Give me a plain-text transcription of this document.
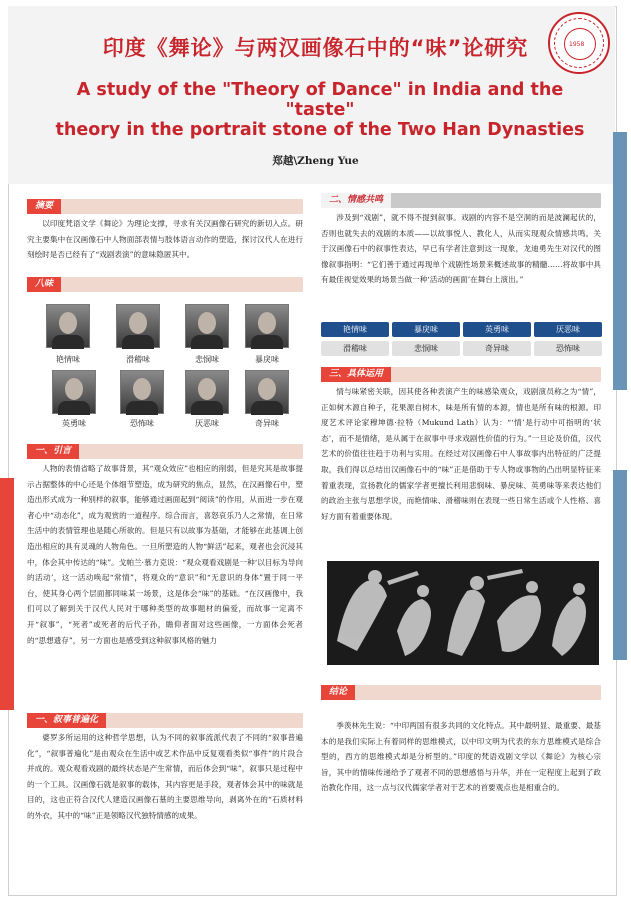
1958
印度《舞论》与两汉画像石中的“味”论研究
A study of the "Theory of Dance" in India and the "taste"
theory in the portrait stone of the Two Han Dynasties
郑越\Zheng Yue
摘要

以印度梵语文学《舞论》为理论支撑，寻求有关汉画像石研究的新切入点。研究主要集中在汉画像石中人物面部表情与肢体语言动作的塑造，探讨汉代人在进行刻绘时是否已经有了“戏剧表演”的意味隐匿其中。

八味
艳情味	滑稽味	悲悯味	暴戾味
英勇味	恐怖味	厌恶味	奇异味
一、引言

人物的表情省略了故事背景，其“观众效应”也相应的削弱，但是究其是故事提示占据整体的中心还是个体细节塑造，成为研究的焦点，显然，在汉画像石中，塑造出形式成为一种别样的叙事，能够通过画面起到“阅读”的作用，从而进一步在观者心中“动态化”，成为观赏的一道程序。综合而言，喜怒哀乐乃人之常情，在日常生活中的表情管理也是随心所欲的。但是只有以故事为基础，才能够在此基调上创造出相应的具有灵魂的人物角色。一旦所塑造的人物“鲜活”起来，观者也会沉浸其中，体会其中传达的“味”。戈帕兰·慕力克说：“观众观看戏剧是一种‘以目标为导向的活动’，这一活动唤起“常情”，将观众的“意识”和“无意识的身体”置于同一平台，使其身心两个层面都同味某一场景，这是体会“味”的基础。“在汉画像中，我们可以了解到关于汉代人民对于哪种类型的故事题材的偏爱，而故事一定离不开“叙事”，“死者”或死者的后代子孙，瞻仰者面对这些画像，一方面体会死者的“思想遗存”，另一方面也是感受到这种叙事风格的魅力

一、叙事普遍化

婆罗多所运用的这种哲学思想，认为不同的叙事流派代表了不同的“叙事普遍化”，“叙事普遍化”是由观众在生活中或艺术作品中反复观看类似“事件”的片段合并成的。观众观看戏剧的最终状态是产生常情，而后体会到“味”，叙事只是过程中的一个工具。汉画像石就是叙事的载体，其内容更是手段，观者体会其中的味就是目的，这也正符合汉代人建造汉画像石墓的主要思维导向，剥离外在的“石质材料的外衣，其中的“味”正是领略汉代独特情感的成果。

二、情感共鸣

涉及到“戏剧”，就不得不提到叙事。戏剧的内容不是空洞的而是波澜起伏的，否则也就失去的戏剧的本质——以故事悦人、教化人，从而实现观众情感共鸣。关于汉画像石中的叙事性表达，早已有学者注意到这一现象，龙迪勇先生对汉代的图像叙事指明：“它们善于通过再现单个戏剧性场景来概述故事的精髓……将故事中具有最佳视觉效果的场景当做一种‘活动的画面’在舞台上演出。”

艳情味	暴戾味	英勇味	厌恶味
滑稽味	悲悯味	奇异味	恐怖味
三、具体运用

情与味紧密关联，因其使各种表演产生的味感染观众，戏剧演员称之为“情”，正如树木源自种子，花果源自树木，味是所有情的本源，情也是所有味的根源。印度艺术评论家穆坤德·拉特（Mukund Lath）认为：“‘情’是行动中可指明的‘状态’，而不是情绪，是从属于在叙事中寻求戏剧性价值的行为。”一旦论及价值，汉代艺术的价值往往趋于功利与实用。在经过对汉画像石中人事故事内出特征的广泛提取，我们得以总结出汉画像石中的“味”正是借助于专人物或事物的凸出明显特征来着重表现，宣扬教化的儒家学者更擅长利用悲悯味、暴戾味、英勇味等来表达他们的政治主张与思想学说，而艳情味、滑稽味则在表现一些日常生活或个人性格、喜好方面有着重要体现。

结论

季羡林先生说：“中印两国有很多共同的文化特点。其中最明显、最重要、最基本的是我们实际上有着同样的思维模式，以中印文明为代表的东方思维模式是综合型的，西方的思维模式却是分析型的。”印度的梵语戏剧文学以《舞论》为核心宗旨，其中的情味传递给予了观者不同的思想感悟与升华，并在一定程度上起到了政治教化作用，这一点与汉代儒家学者对于艺术的首要观点也是相重合的。
